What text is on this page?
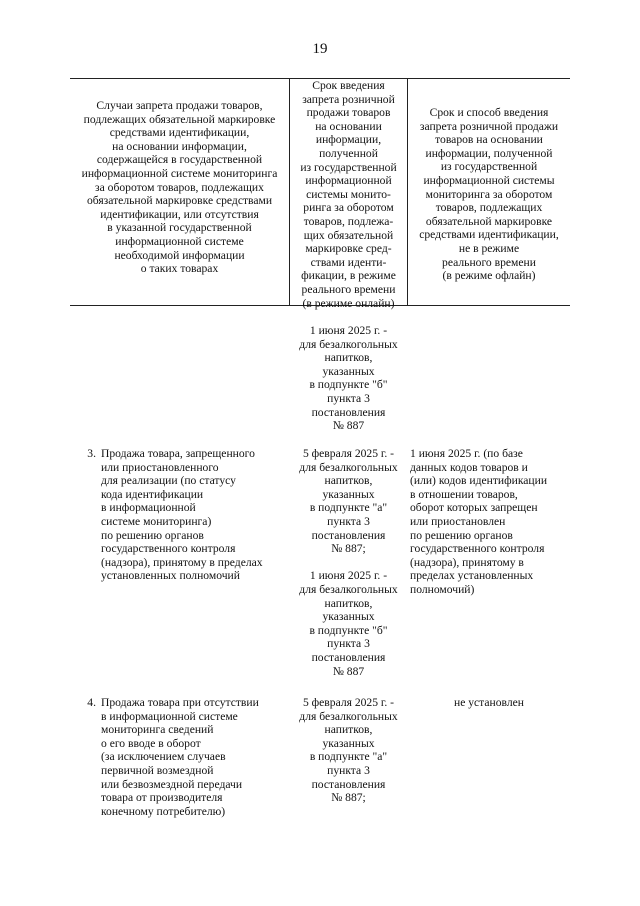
19
Случаи запрета продажи товаров,
подлежащих обязательной маркировке
средствами идентификации,
на основании информации,
содержащейся в государственной
информационной системе мониторинга
за оборотом товаров, подлежащих
обязательной маркировке средствами
идентификации, или отсутствия
в указанной государственной
информационной системе
необходимой информации
о таких товарах
Срок введения
запрета розничной
продажи товаров
на основании
информации,
полученной
из государственной
информационной
системы монито-
ринга за оборотом
товаров, подлежа-
щих обязательной
маркировке сред-
ствами иденти-
фикации, в режиме
реального времени
(в режиме онлайн)
Срок и способ введения
запрета розничной продажи
товаров на основании
информации, полученной
из государственной
информационной системы
мониторинга за оборотом
товаров, подлежащих
обязательной маркировке
средствами идентификации,
не в режиме
реального времени
(в режиме офлайн)
1 июня 2025 г. -
для безалкогольных
напитков,
указанных
в подпункте "б"
пункта 3
постановления
№ 887
3. Продажа товара, запрещенного
или приостановленного
для реализации (по статусу
кода идентификации
в информационной
системе мониторинга)
по решению органов
государственного контроля
(надзора), принятому в пределах
установленных полномочий
5 февраля 2025 г. -
для безалкогольных
напитков,
указанных
в подпункте "а"
пункта 3
постановления
№ 887;

1 июня 2025 г. -
для безалкогольных
напитков,
указанных
в подпункте "б"
пункта 3
постановления
№ 887
1 июня 2025 г. (по базе
данных кодов товаров и
(или) кодов идентификации
в отношении товаров,
оборот которых запрещен
или приостановлен
по решению органов
государственного контроля
(надзора), принятому в
пределах установленных
полномочий)
4. Продажа товара при отсутствии
в информационной системе
мониторинга сведений
о его вводе в оборот
(за исключением случаев
первичной возмездной
или безвозмездной передачи
товара от производителя
конечному потребителю)
5 февраля 2025 г. -
для безалкогольных
напитков,
указанных
в подпункте "а"
пункта 3
постановления
№ 887;
не установлен
